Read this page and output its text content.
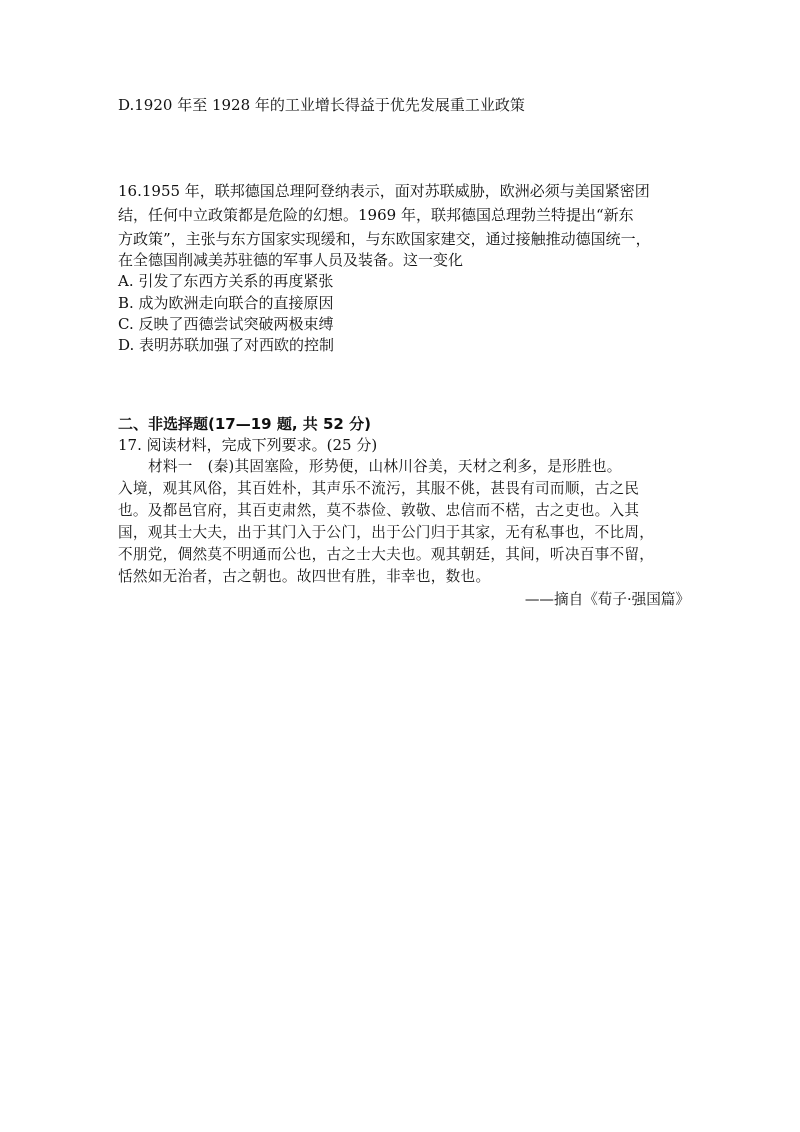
D.1920 年至 1928 年的工业增长得益于优先发展重工业政策
16.1955 年，联邦德国总理阿登纳表示，面对苏联威胁，欧洲必须与美国紧密团
结，任何中立政策都是危险的幻想。1969 年，联邦德国总理勃兰特提出“新东
方政策”，主张与东方国家实现缓和，与东欧国家建交，通过接触推动德国统一，
在全德国削减美苏驻德的军事人员及装备。这一变化
A. 引发了东西方关系的再度紧张
B. 成为欧洲走向联合的直接原因
C. 反映了西德尝试突破两极束缚
D. 表明苏联加强了对西欧的控制
二、非选择题(17—19 题, 共 52 分)
17. 阅读材料，完成下列要求。(25 分)
材料一　(秦)其固塞险，形势便，山林川谷美，天材之利多，是形胜也。
入境，观其风俗，其百姓朴，其声乐不流污，其服不佻，甚畏有司而顺，古之民
也。及都邑官府，其百吏肃然，莫不恭俭、敦敬、忠信而不楛，古之吏也。入其
国，观其士大夫，出于其门入于公门，出于公门归于其家，无有私事也，不比周，
不朋党，倜然莫不明通而公也，古之士大夫也。观其朝廷，其间，听决百事不留，
恬然如无治者，古之朝也。故四世有胜，非幸也，数也。
——摘自《荀子·强国篇》
